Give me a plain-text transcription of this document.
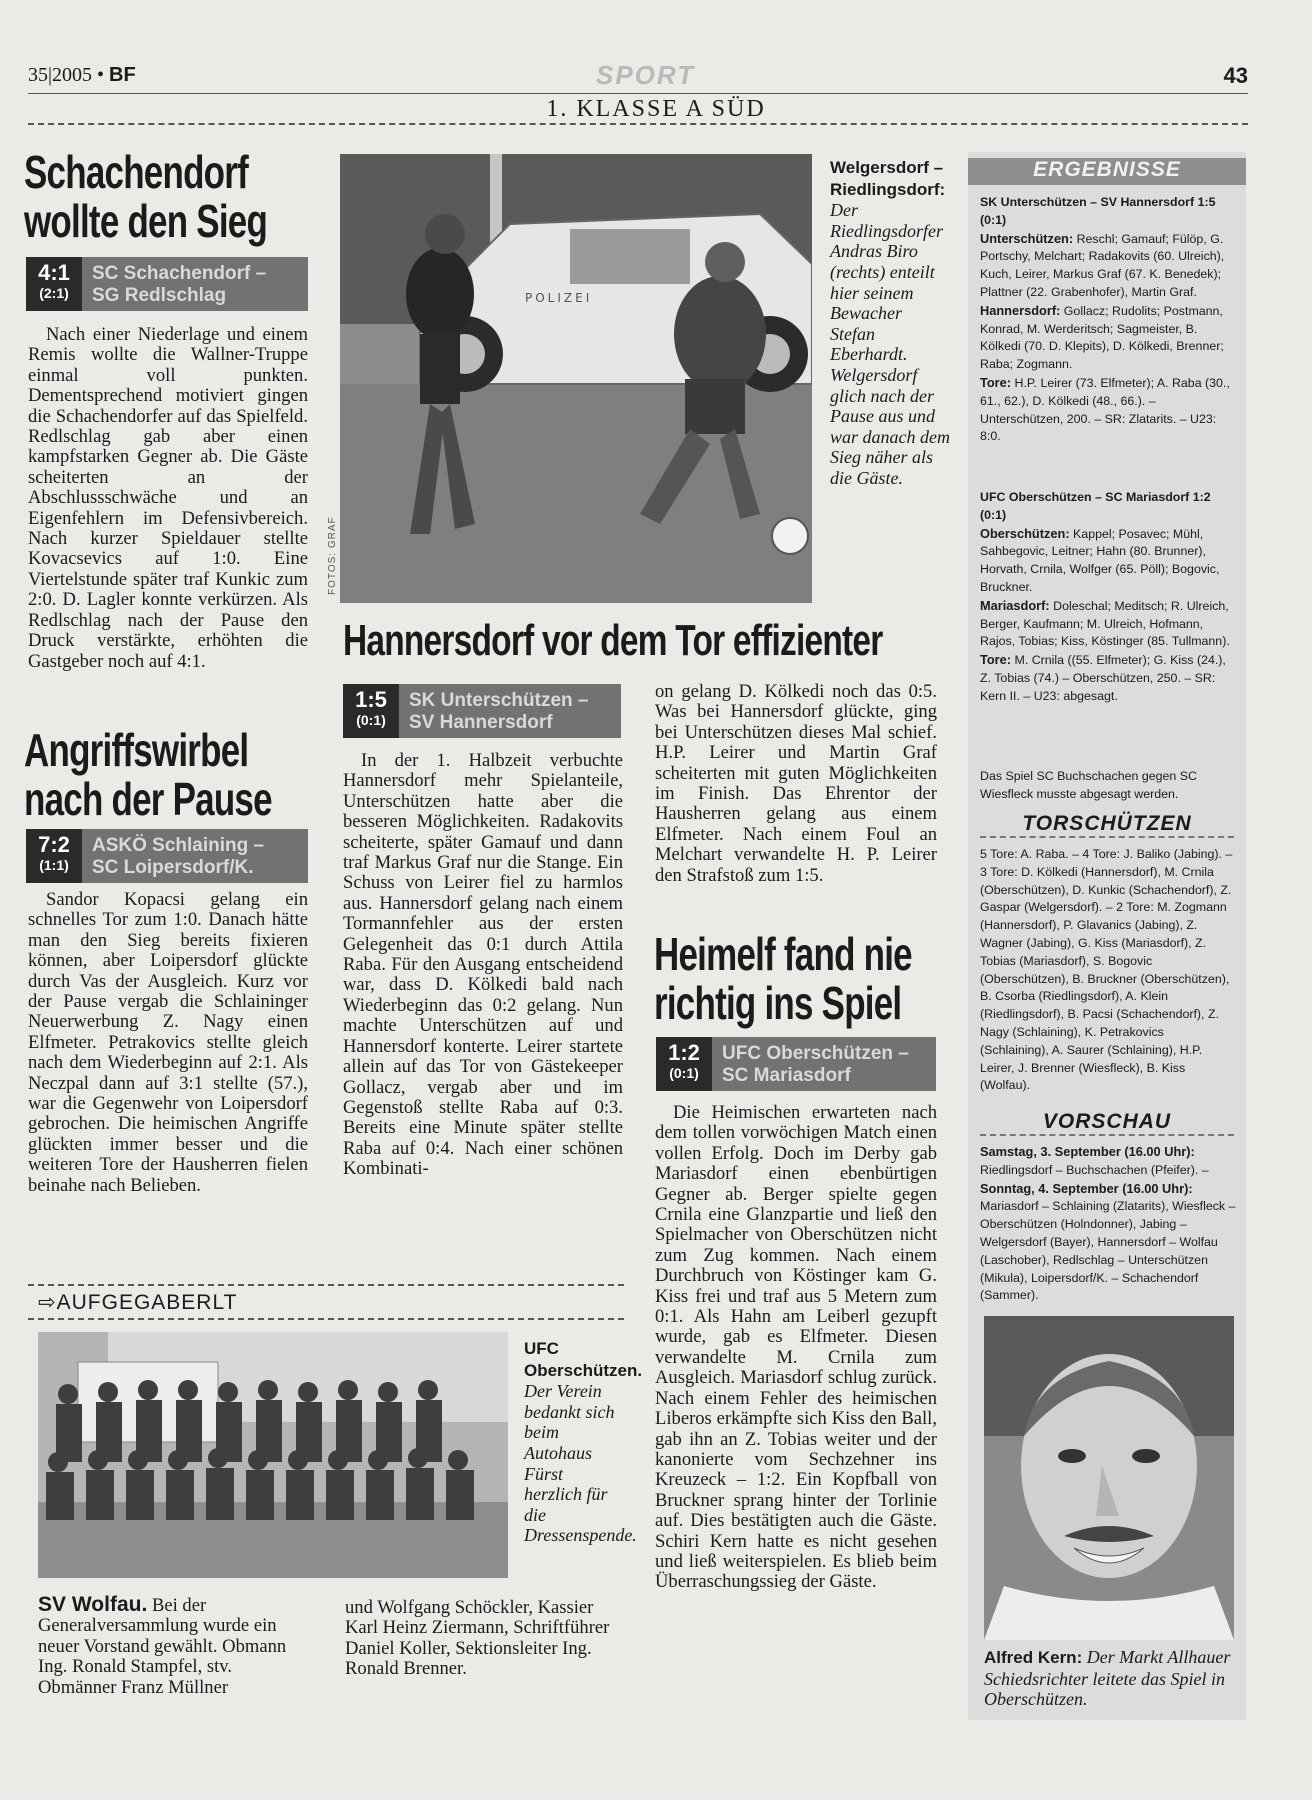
35|2005 • BF	SPORT	43
1. KLASSE A SÜD
Schachendorf
wollte den Sieg
4:1
(2:1)
SC Schachendorf –
SG Redlschlag

Nach einer Niederlage und einem Remis wollte die Wallner-Truppe einmal voll punkten. Dementsprechend motiviert gingen die Schachendorfer auf das Spielfeld. Redlschlag gab aber einen kampfstarken Gegner ab. Die Gäste scheiterten an der Abschlussschwäche und an Eigenfehlern im Defensivbereich. Nach kurzer Spieldauer stellte Kovacsevics auf 1:0. Eine Viertelstunde später traf Kunkic zum 2:0. D. Lagler konnte verkürzen. Als Redlschlag nach der Pause den Druck verstärkte, erhöhten die Gastgeber noch auf 4:1.

Angriffswirbel
nach der Pause
7:2
(1:1)
ASKÖ Schlaining –
SC Loipersdorf/K.

Sandor Kopacsi gelang ein schnelles Tor zum 1:0. Danach hätte man den Sieg bereits fixieren können, aber Loipersdorf glückte durch Vas der Ausgleich. Kurz vor der Pause vergab die Schlaininger Neuerwerbung Z. Nagy einen Elfmeter. Petrakovics stellte gleich nach dem Wiederbeginn auf 2:1. Als Neczpal dann auf 3:1 stellte (57.), war die Gegenwehr von Loipersdorf gebrochen. Die heimischen Angriffe glückten immer besser und die weiteren Tore der Hausherren fielen beinahe nach Belieben.

POLIZEI
FOTOS: GRAF
Welgersdorf – Riedlingsdorf: Der Riedlingsdorfer Andras Biro (rechts) enteilt hier seinem Bewacher Stefan Eberhardt. Welgersdorf glich nach der Pause aus und war danach dem Sieg näher als die Gäste.
Hannersdorf vor dem Tor effizienter
1:5
(0:1)
SK Unterschützen –
SV Hannersdorf

In der 1. Halbzeit verbuchte Hannersdorf mehr Spielanteile, Unterschützen hatte aber die besseren Möglichkeiten. Radakovits scheiterte, später Gamauf und dann traf Markus Graf nur die Stange. Ein Schuss von Leirer fiel zu harmlos aus. Hannersdorf gelang nach einem Tormannfehler aus der ersten Gelegenheit das 0:1 durch Attila Raba. Für den Ausgang entscheidend war, dass D. Kölkedi bald nach Wiederbeginn das 0:2 gelang. Nun machte Unterschützen auf und Hannersdorf konterte. Leirer startete allein auf das Tor von Gästekeeper Gollacz, vergab aber und im Gegenstoß stellte Raba auf 0:3. Bereits eine Minute später stellte Raba auf 0:4. Nach einer schönen Kombinati-

on gelang D. Kölkedi noch das 0:5. Was bei Hannersdorf glückte, ging bei Unterschützen dieses Mal schief. H.P. Leirer und Martin Graf scheiterten mit guten Möglichkeiten im Finish. Das Ehrentor der Hausherren gelang aus einem Elfmeter. Nach einem Foul an Melchart verwandelte H. P. Leirer den Strafstoß zum 1:5.

Heimelf fand nie
richtig ins Spiel
1:2
(0:1)
UFC Oberschützen –
SC Mariasdorf

Die Heimischen erwarteten nach dem tollen vorwöchigen Match einen vollen Erfolg. Doch im Derby gab Mariasdorf einen ebenbürtigen Gegner ab. Berger spielte gegen Crnila eine Glanzpartie und ließ den Spielmacher von Oberschützen nicht zum Zug kommen. Nach einem Durchbruch von Köstinger kam G. Kiss frei und traf aus 5 Metern zum 0:1. Als Hahn am Leiberl gezupft wurde, gab es Elfmeter. Diesen verwandelte M. Crnila zum Ausgleich. Mariasdorf schlug zurück. Nach einem Fehler des heimischen Liberos erkämpfte sich Kiss den Ball, gab ihn an Z. Tobias weiter und der kanonierte vom Sechzehner ins Kreuzeck – 1:2. Ein Kopfball von Bruckner sprang hinter der Torlinie auf. Dies bestätigten auch die Gäste. Schiri Kern hatte es nicht gesehen und ließ weiterspielen. Es blieb beim Überraschungssieg der Gäste.

⇨AUFGEGABERLT
UFC Oberschützen. Der Verein bedankt sich beim Autohaus Fürst herzlich für die Dressenspende.
SV Wolfau. Bei der Generalversammlung wurde ein neuer Vorstand gewählt. Obmann Ing. Ronald Stampfel, stv. Obmänner Franz Müllner
und Wolfgang Schöckler, Kassier Karl Heinz Ziermann, Schriftführer Daniel Koller, Sektionsleiter Ing. Ronald Brenner.
ERGEBNISSE
SK Unterschützen – SV Hannersdorf 1:5 (0:1)
Unterschützen: Reschl; Gamauf; Fülöp, G. Portschy, Melchart; Radakovits (60. Ulreich), Kuch, Leirer, Markus Graf (67. K. Benedek); Plattner (22. Grabenhofer), Martin Graf.
Hannersdorf: Gollacz; Rudolits; Postmann, Konrad, M. Werderitsch; Sagmeister, B. Kölkedi (70. D. Klepits), D. Kölkedi, Brenner; Raba; Zogmann.
Tore: H.P. Leirer (73. Elfmeter); A. Raba (30., 61., 62.), D. Kölkedi (48., 66.). – Unterschützen, 200. – SR: Zlatarits. – U23: 8:0.
UFC Oberschützen – SC Mariasdorf 1:2 (0:1)
Oberschützen: Kappel; Posavec; Mühl, Sahbegovic, Leitner; Hahn (80. Brunner), Horvath, Crnila, Wolfger (65. Pöll); Bogovic, Bruckner.
Mariasdorf: Doleschal; Meditsch; R. Ulreich, Berger, Kaufmann; M. Ulreich, Hofmann, Rajos, Tobias; Kiss, Köstinger (85. Tullmann).
Tore: M. Crnila ((55. Elfmeter); G. Kiss (24.), Z. Tobias (74.) – Oberschützen, 250. – SR: Kern II. – U23: abgesagt.
Das Spiel SC Buchschachen gegen SC Wiesfleck musste abgesagt werden.
TORSCHÜTZEN
5 Tore: A. Raba. – 4 Tore: J. Baliko (Jabing). – 3 Tore: D. Kölkedi (Hannersdorf), M. Crnila (Oberschützen), D. Kunkic (Schachendorf), Z. Gaspar (Welgersdorf). – 2 Tore: M. Zogmann (Hannersdorf), P. Glavanics (Jabing), Z. Wagner (Jabing), G. Kiss (Mariasdorf), Z. Tobias (Mariasdorf), S. Bogovic (Oberschützen), B. Bruckner (Oberschützen), B. Csorba (Riedlingsdorf), A. Klein (Riedlingsdorf), B. Pacsi (Schachendorf), Z. Nagy (Schlaining), K. Petrakovics (Schlaining), A. Saurer (Schlaining), H.P. Leirer, J. Brenner (Wiesfleck), B. Kiss (Wolfau).
VORSCHAU
Samstag, 3. September (16.00 Uhr):
Riedlingsdorf – Buchschachen (Pfeifer). –
Sonntag, 4. September (16.00 Uhr): Mariasdorf – Schlaining (Zlatarits), Wiesfleck – Oberschützen (Holndonner), Jabing – Welgersdorf (Bayer), Hannersdorf – Wolfau (Laschober), Redlschlag – Unterschützen (Mikula), Loipersdorf/K. – Schachendorf (Sammer).
Alfred Kern: Der Markt Allhauer Schiedsrichter leitete das Spiel in Oberschützen.
